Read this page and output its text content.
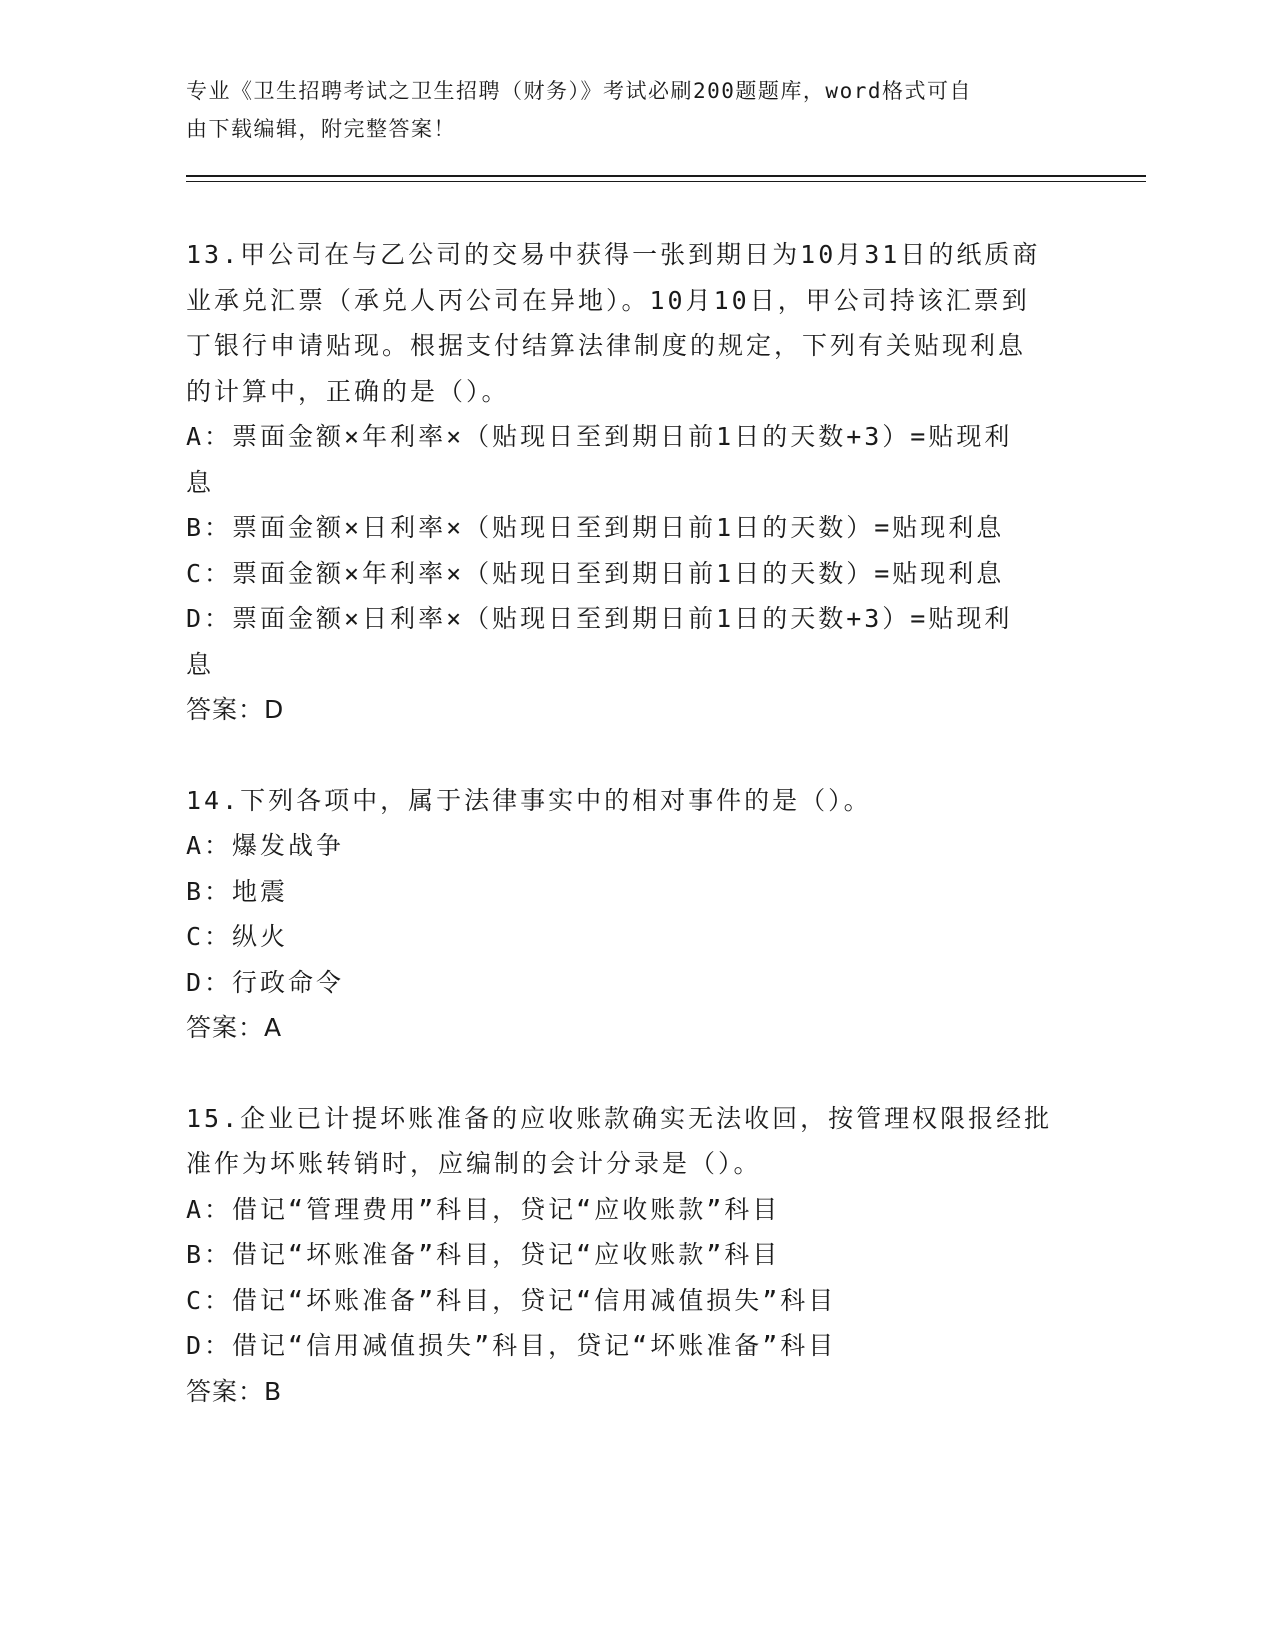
专业《卫生招聘考试之卫生招聘（财务）》考试必刷200题题库，word格式可自
由下载编辑，附完整答案！
13.甲公司在与乙公司的交易中获得一张到期日为10月31日的纸质商
业承兑汇票（承兑人丙公司在异地）。10月10日，甲公司持该汇票到
丁银行申请贴现。根据支付结算法律制度的规定，下列有关贴现利息
的计算中，正确的是（）。
A：票面金额×年利率×（贴现日至到期日前1日的天数+3）=贴现利
息
B：票面金额×日利率×（贴现日至到期日前1日的天数）=贴现利息
C：票面金额×年利率×（贴现日至到期日前1日的天数）=贴现利息
D：票面金额×日利率×（贴现日至到期日前1日的天数+3）=贴现利
息
答案：D
14.下列各项中，属于法律事实中的相对事件的是（）。
A：爆发战争
B：地震
C：纵火
D：行政命令
答案：A
15.企业已计提坏账准备的应收账款确实无法收回，按管理权限报经批
准作为坏账转销时，应编制的会计分录是（）。
A：借记“管理费用”科目，贷记“应收账款”科目
B：借记“坏账准备”科目，贷记“应收账款”科目
C：借记“坏账准备”科目，贷记“信用减值损失”科目
D：借记“信用减值损失”科目，贷记“坏账准备”科目
答案：B
